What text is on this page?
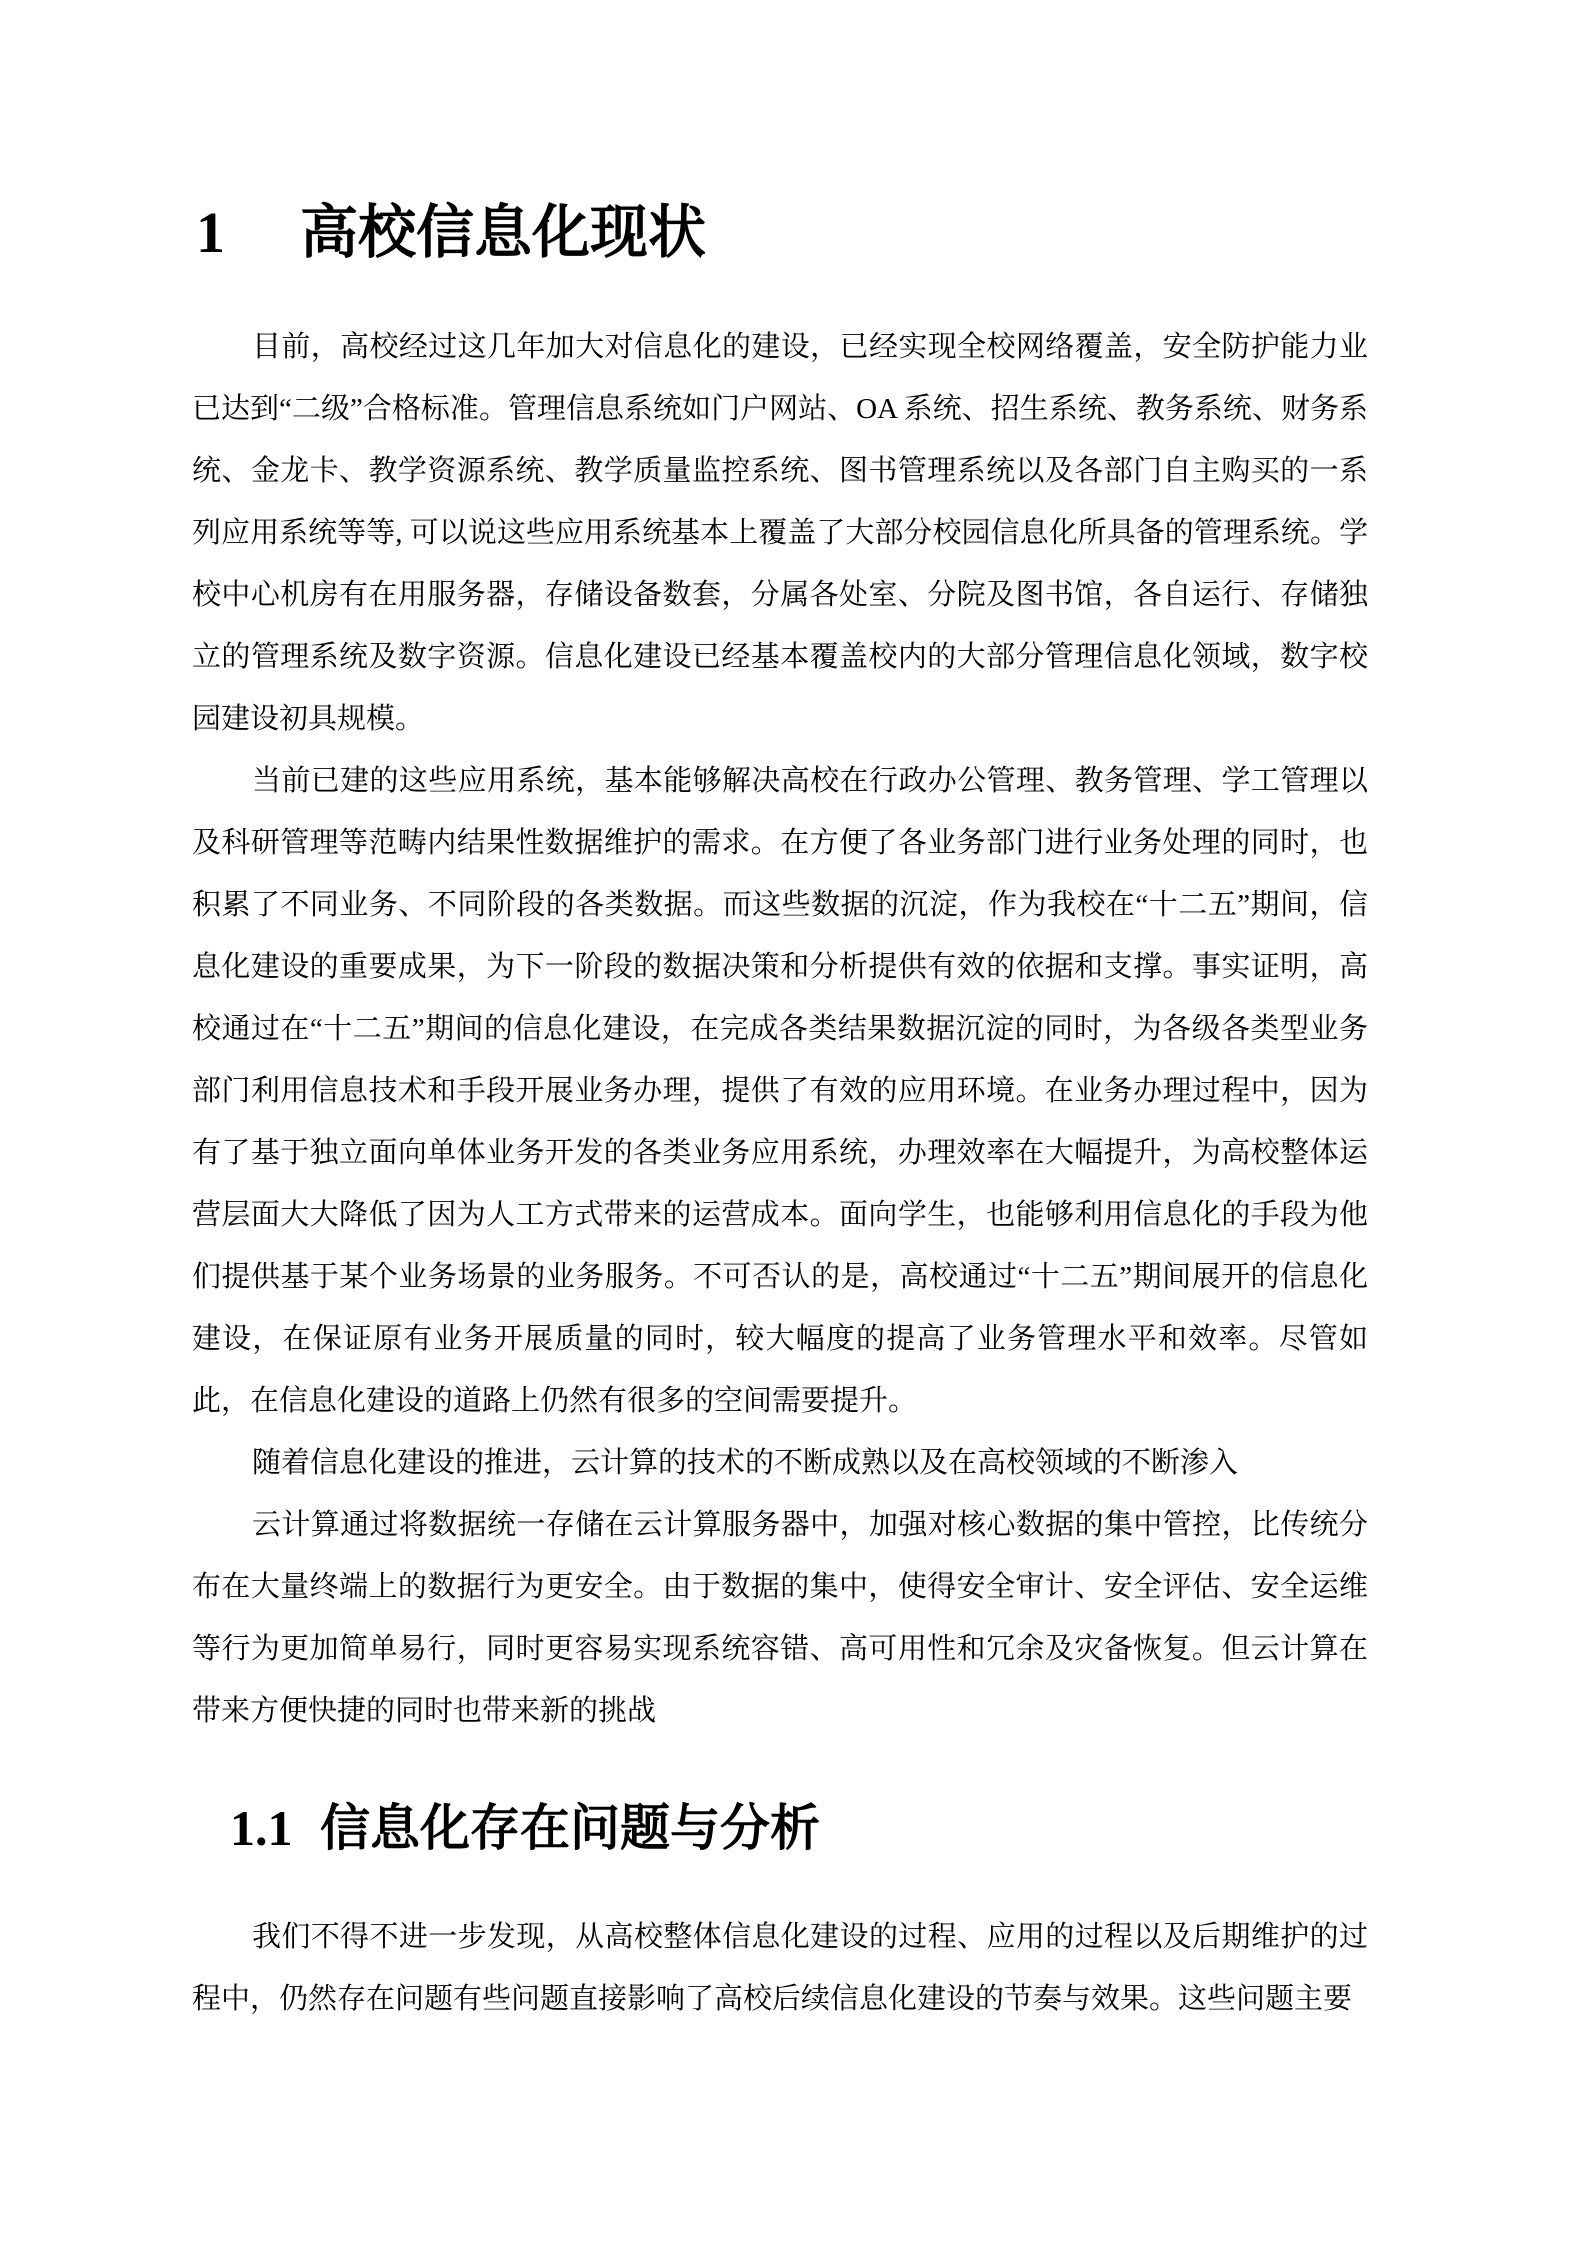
1 高校信息化现状

目前，高校经过这几年加大对信息化的建设，已经实现全校网络覆盖，安全防护能力业已达到“二级”合格标准。管理信息系统如门户网站、OA 系统、招生系统、教务系统、财务系统、金龙卡、教学资源系统、教学质量监控系统、图书管理系统以及各部门自主购买的一系列应用系统等等, 可以说这些应用系统基本上覆盖了大部分校园信息化所具备的管理系统。学校中心机房有在用服务器，存储设备数套，分属各处室、分院及图书馆，各自运行、存储独立的管理系统及数字资源。信息化建设已经基本覆盖校内的大部分管理信息化领域，数字校园建设初具规模。

当前已建的这些应用系统，基本能够解决高校在行政办公管理、教务管理、学工管理以及科研管理等范畴内结果性数据维护的需求。在方便了各业务部门进行业务处理的同时，也积累了不同业务、不同阶段的各类数据。而这些数据的沉淀，作为我校在“十二五”期间，信息化建设的重要成果，为下一阶段的数据决策和分析提供有效的依据和支撑。事实证明，高校通过在“十二五”期间的信息化建设，在完成各类结果数据沉淀的同时，为各级各类型业务部门利用信息技术和手段开展业务办理，提供了有效的应用环境。在业务办理过程中，因为有了基于独立面向单体业务开发的各类业务应用系统，办理效率在大幅提升，为高校整体运营层面大大降低了因为人工方式带来的运营成本。面向学生，也能够利用信息化的手段为他们提供基于某个业务场景的业务服务。不可否认的是，高校通过“十二五”期间展开的信息化建设，在保证原有业务开展质量的同时，较大幅度的提高了业务管理水平和效率。尽管如此，在信息化建设的道路上仍然有很多的空间需要提升。

随着信息化建设的推进，云计算的技术的不断成熟以及在高校领域的不断渗入

云计算通过将数据统一存储在云计算服务器中，加强对核心数据的集中管控，比传统分布在大量终端上的数据行为更安全。由于数据的集中，使得安全审计、安全评估、安全运维等行为更加简单易行，同时更容易实现系统容错、高可用性和冗余及灾备恢复。但云计算在带来方便快捷的同时也带来新的挑战

1.1 信息化存在问题与分析

我们不得不进一步发现，从高校整体信息化建设的过程、应用的过程以及后期维护的过程中，仍然存在问题有些问题直接影响了高校后续信息化建设的节奏与效果。这些问题主要
